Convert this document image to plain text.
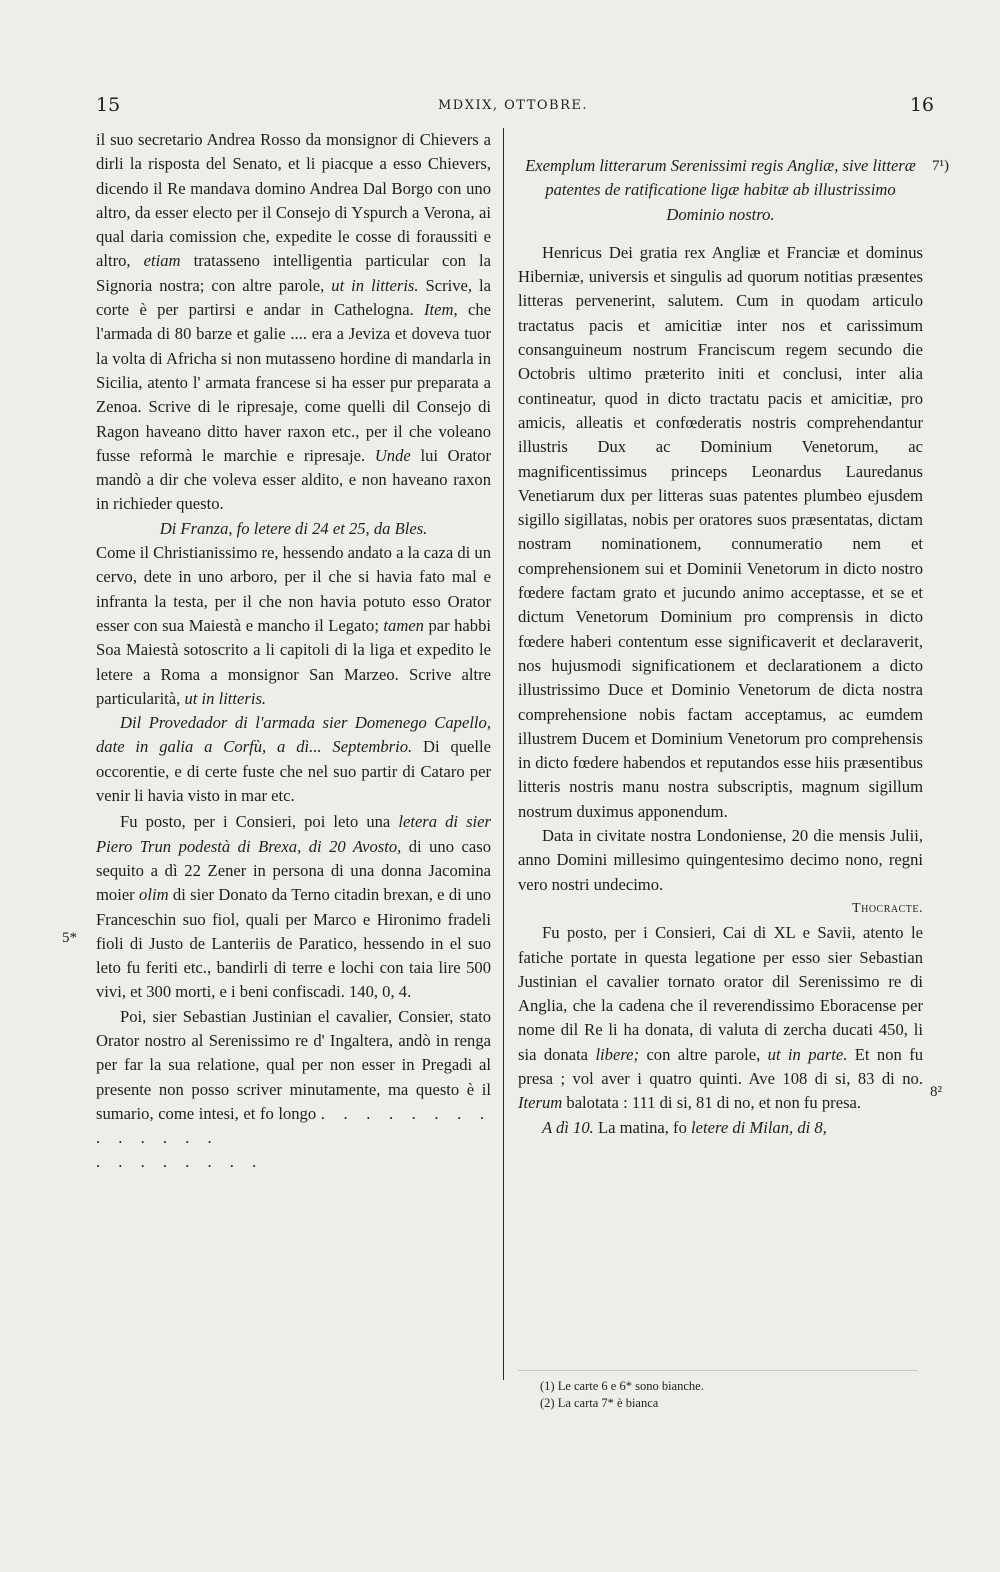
15	MDXIX, OTTOBRE.	16
5*
7¹)
8²

il suo secretario Andrea Rosso da monsignor di Chievers a dirli la risposta del Senato, et li piacque a esso Chievers, dicendo il Re mandava domino Andrea Dal Borgo con uno altro, da esser electo per il Consejo di Yspurch a Verona, ai qual daria comission che, expedite le cosse di foraussiti e altro, etiam tratasseno intelligentia particular con la Signoria nostra; con altre parole, ut in litteris. Scrive, la corte è per partirsi e andar in Cathelogna. Item, che l'armada di 80 barze et galie .... era a Jeviza et doveva tuor la volta di Africha si non mutasseno hordine di mandarla in Sicilia, atento l' armata francese si ha esser pur preparata a Zenoa. Scrive di le ripresaje, come quelli dil Consejo di Ragon haveano ditto haver raxon etc., per il che voleano fusse reformà le marchie e ripresaje. Unde lui Orator mandò a dir che voleva esser aldito, e non haveano raxon in richieder questo.

Di Franza, fo letere di 24 et 25, da Bles.

Come il Christianissimo re, hessendo andato a la caza di un cervo, dete in uno arboro, per il che si havia fato mal e infranta la testa, per il che non havia potuto esso Orator esser con sua Maiestà e mancho il Legato; tamen par habbi Soa Maiestà sotoscrito a li capitoli di la liga et expedito le letere a Roma a monsignor San Marzeo. Scrive altre particularità, ut in litteris.

Dil Provedador di l'armada sier Domenego Capello, date in galia a Corfù, a dì... Septembrio. Di quelle occorentie, e di certe fuste che nel suo partir di Cataro per venir li havia visto in mar etc.

Fu posto, per i Consieri, poi leto una letera di sier Piero Trun podestà di Brexa, di 20 Avosto, di uno caso sequito a dì 22 Zener in persona di una donna Jacomina moier olim di sier Donato da Terno citadin brexan, e di uno Franceschin suo fiol, quali per Marco e Hironimo fradeli fioli di Justo de Lanteriis de Paratico, hessendo in el suo leto fu feriti etc., bandirli di terre e lochi con taia lire 500 vivi, et 300 morti, e i beni confiscadi. 140, 0, 4.

Poi, sier Sebastian Justinian el cavalier, Consier, stato Orator nostro al Serenissimo re d' Ingaltera, andò in renga per far la sua relatione, qual per non esser in Pregadi al presente non posso scriver minutamente, ma questo è il sumario, come intesi, et fo longo . . . . . . . . . . . . . .

. . . . . . . .

Exemplum litterarum Serenissimi regis Angliæ, sive litteræ patentes de ratificatione ligæ habitæ ab illustrissimo Dominio nostro.

Henricus Dei gratia rex Angliæ et Franciæ et dominus Hiberniæ, universis et singulis ad quorum notitias præsentes litteras pervenerint, salutem. Cum in quodam articulo tractatus pacis et amicitiæ inter nos et carissimum consanguineum nostrum Franciscum regem secundo die Octobris ultimo præterito initi et conclusi, inter alia contineatur, quod in dicto tractatu pacis et amicitiæ, pro amicis, alleatis et confœderatis nostris comprehendantur illustris Dux ac Dominium Venetorum, ac magnificentissimus princeps Leonardus Lauredanus Venetiarum dux per litteras suas patentes plumbeo ejusdem sigillo sigillatas, nobis per oratores suos præsentatas, dictam nostram nominationem, connumeratio nem et comprehensionem sui et Dominii Venetorum in dicto nostro fœdere factam grato et jucundo animo acceptasse, et se et dictum Venetorum Dominium pro comprensis in dicto fœdere haberi contentum esse significaverit et declaraverit, nos hujusmodi significationem et declarationem a dicto illustrissimo Duce et Dominio Venetorum de dicta nostra comprehensione nobis factam acceptamus, ac eumdem illustrem Ducem et Dominium Venetorum pro comprehensis in dicto fœdere habendos et reputandos esse hiis præsentibus litteris nostris manu nostra subscriptis, magnum sigillum nostrum duximus apponendum.

Data in civitate nostra Londoniense, 20 die mensis Julii, anno Domini millesimo quingentesimo decimo nono, regni vero nostri undecimo.

Thocracte.

Fu posto, per i Consieri, Cai di XL e Savii, atento le fatiche portate in questa legatione per esso sier Sebastian Justinian el cavalier tornato orator dil Serenissimo re di Anglia, che la cadena che il reverendissimo Eboracense per nome dil Re li ha donata, di valuta di zercha ducati 450, li sia donata libere; con altre parole, ut in parte. Et non fu presa ; vol aver i quatro quinti. Ave 108 di si, 83 di no. Iterum balotata : 111 di si, 81 di no, et non fu presa.

A dì 10. La matina, fo letere di Milan, di 8,

(1) Le carte 6 e 6* sono bianche.
(2) La carta 7* è bianca
